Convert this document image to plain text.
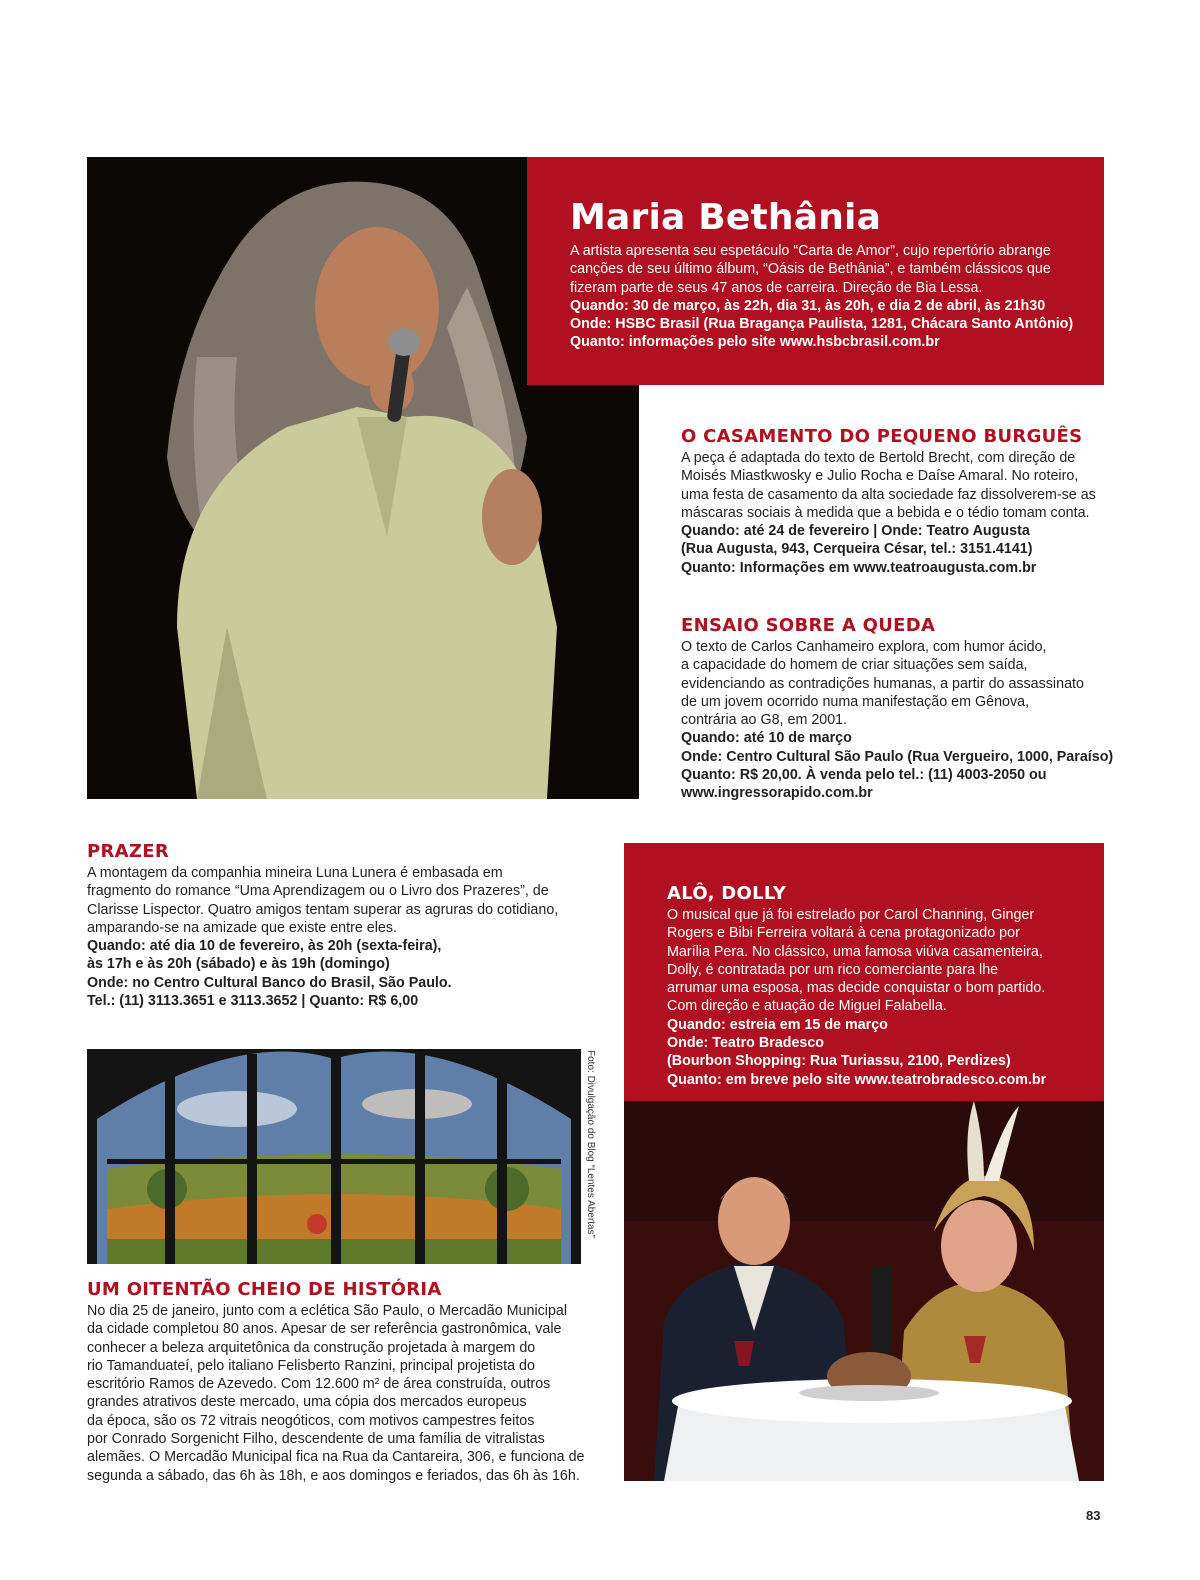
Maria Bethânia

A artista apresenta seu espetáculo “Carta de Amor”, cujo repertório abrange
canções de seu último álbum, “Oásis de Bethânia”, e também clássicos que
fizeram parte de seus 47 anos de carreira. Direção de Bia Lessa.

Quando: 30 de março, às 22h, dia 31, às 20h, e dia 2 de abril, às 21h30
Onde: HSBC Brasil (Rua Bragança Paulista, 1281, Chácara Santo Antônio)
Quanto: informações pelo site www.hsbcbrasil.com.br

O CASAMENTO DO PEQUENO BURGUÊS

A peça é adaptada do texto de Bertold Brecht, com direção de
Moisés Miastkwosky e Julio Rocha e Daíse Amaral. No roteiro,
uma festa de casamento da alta sociedade faz dissolverem-se as
máscaras sociais à medida que a bebida e o tédio tomam conta.

Quando: até 24 de fevereiro | Onde: Teatro Augusta
(Rua Augusta, 943, Cerqueira César, tel.: 3151.4141)
Quanto: Informações em www.teatroaugusta.com.br

ENSAIO SOBRE A QUEDA

O texto de Carlos Canhameiro explora, com humor ácido,
a capacidade do homem de criar situações sem saída,
evidenciando as contradições humanas, a partir do assassinato
de um jovem ocorrido numa manifestação em Gênova,
contrária ao G8, em 2001.

Quando: até 10 de março
Onde: Centro Cultural São Paulo (Rua Vergueiro, 1000, Paraíso)
Quanto: R$ 20,00. À venda pelo tel.: (11) 4003-2050 ou
www.ingressorapido.com.br

PRAZER

A montagem da companhia mineira Luna Lunera é embasada em
fragmento do romance “Uma Aprendizagem ou o Livro dos Prazeres”, de
Clarisse Lispector. Quatro amigos tentam superar as agruras do cotidiano,
amparando-se na amizade que existe entre eles.

Quando: até dia 10 de fevereiro, às 20h (sexta-feira),
às 17h e às 20h (sábado) e às 19h (domingo)
Onde: no Centro Cultural Banco do Brasil, São Paulo.
Tel.: (11) 3113.3651 e 3113.3652 | Quanto: R$ 6,00

ALÔ, DOLLY

O musical que já foi estrelado por Carol Channing, Ginger
Rogers e Bibi Ferreira voltará à cena protagonizado por
Marília Pera. No clássico, uma famosa viúva casamenteira,
Dolly, é contratada por um rico comerciante para lhe
arrumar uma esposa, mas decide conquistar o bom partido.
Com direção e atuação de Miguel Falabella.

Quando: estreia em 15 de março
Onde: Teatro Bradesco
(Bourbon Shopping: Rua Turiassu, 2100, Perdizes)
Quanto: em breve pelo site www.teatrobradesco.com.br

Foto: Divulgação do Blog “Lentes Abertas”
UM OITENTÃO CHEIO DE HISTÓRIA

No dia 25 de janeiro, junto com a eclética São Paulo, o Mercadão Municipal
da cidade completou 80 anos. Apesar de ser referência gastronômica, vale
conhecer a beleza arquitetônica da construção projetada à margem do
rio Tamanduateí, pelo italiano Felisberto Ranzini, principal projetista do
escritório Ramos de Azevedo. Com 12.600 m² de área construída, outros
grandes atrativos deste mercado, uma cópia dos mercados europeus
da época, são os 72 vitrais neogóticos, com motivos campestres feitos
por Conrado Sorgenicht Filho, descendente de uma família de vitralistas
alemães. O Mercadão Municipal fica na Rua da Cantareira, 306, e funciona de
segunda a sábado, das 6h às 18h, e aos domingos e feriados, das 6h às 16h.

83
